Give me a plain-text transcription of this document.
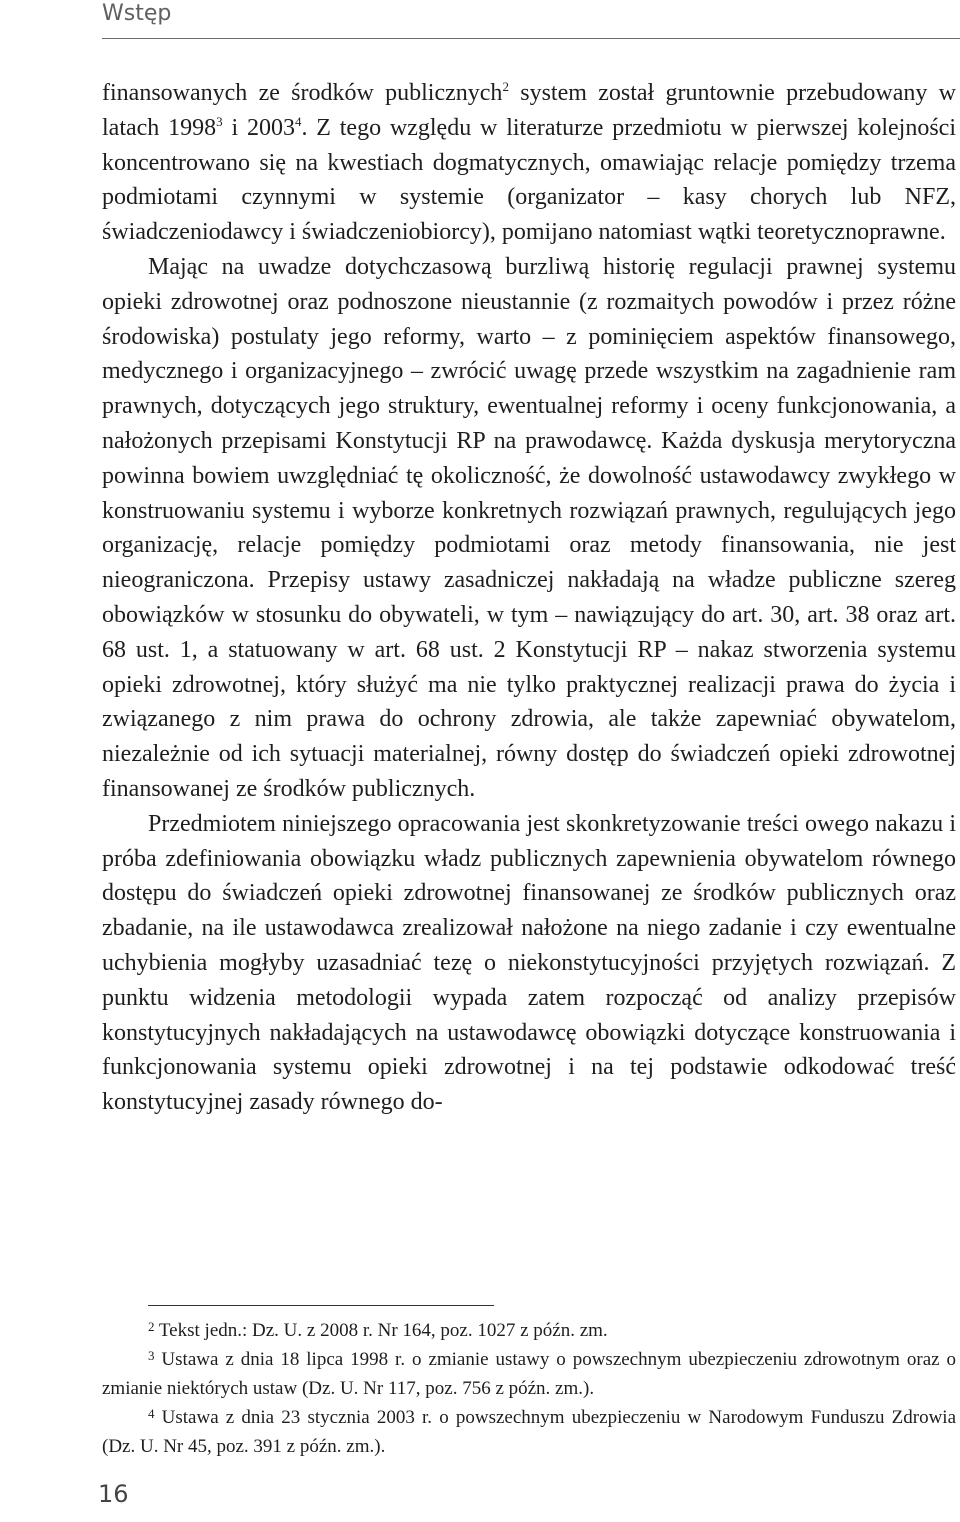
Wstęp

finansowanych ze środków publicznych$^2$ system został gruntownie przebudowany w latach 1998$^3$ i 2003$^4$. Z tego względu w literaturze przedmiotu w pierwszej kolejności koncentrowano się na kwestiach dogmatycznych, omawiając relacje pomiędzy trzema podmiotami czynnymi w systemie (organizator – kasy chorych lub NFZ, świadczeniodawcy i świadczeniobiorcy), pomijano natomiast wątki teoretycznoprawne.

Mając na uwadze dotychczasową burzliwą historię regulacji prawnej systemu opieki zdrowotnej oraz podnoszone nieustannie (z rozmaitych powodów i przez różne środowiska) postulaty jego reformy, warto – z pominięciem aspektów finansowego, medycznego i organizacyjnego – zwrócić uwagę przede wszystkim na zagadnienie ram prawnych, dotyczących jego struktury, ewentualnej reformy i oceny funkcjonowania, a nałożonych przepisami Konstytucji RP na prawodawcę. Każda dyskusja merytoryczna powinna bowiem uwzględniać tę okoliczność, że dowolność ustawodawcy zwykłego w konstruowaniu systemu i wyborze konkretnych rozwiązań prawnych, regulujących jego organizację, relacje pomiędzy podmiotami oraz metody finansowania, nie jest nieograniczona. Przepisy ustawy zasadniczej nakładają na władze publiczne szereg obowiązków w stosunku do obywateli, w tym – nawiązujący do art. 30, art. 38 oraz art. 68 ust. 1, a statuowany w art. 68 ust. 2 Konstytucji RP – nakaz stworzenia systemu opieki zdrowotnej, który służyć ma nie tylko praktycznej realizacji prawa do życia i związanego z nim prawa do ochrony zdrowia, ale także zapewniać obywatelom, niezależnie od ich sytuacji materialnej, równy dostęp do świadczeń opieki zdrowotnej finansowanej ze środków publicznych.

Przedmiotem niniejszego opracowania jest skonkretyzowanie treści owego nakazu i próba zdefiniowania obowiązku władz publicznych zapewnienia obywatelom równego dostępu do świadczeń opieki zdrowotnej finansowanej ze środków publicznych oraz zbadanie, na ile ustawodawca zrealizował nałożone na niego zadanie i czy ewentualne uchybienia mogłyby uzasadniać tezę o niekonstytucyjności przyjętych rozwiązań. Z punktu widzenia metodologii wypada zatem rozpocząć od analizy przepisów konstytucyjnych nakładających na ustawodawcę obowiązki dotyczące konstruowania i funkcjonowania systemu opieki zdrowotnej i na tej podstawie odkodować treść konstytucyjnej zasady równego do-

$^2$ Tekst jedn.: Dz. U. z 2008 r. Nr 164, poz. 1027 z późn. zm.

$^3$ Ustawa z dnia 18 lipca 1998 r. o zmianie ustawy o powszechnym ubezpieczeniu zdrowotnym oraz o zmianie niektórych ustaw (Dz. U. Nr 117, poz. 756 z późn. zm.).

$^4$ Ustawa z dnia 23 stycznia 2003 r. o powszechnym ubezpieczeniu w Narodowym Funduszu Zdrowia (Dz. U. Nr 45, poz. 391 z późn. zm.).

16
